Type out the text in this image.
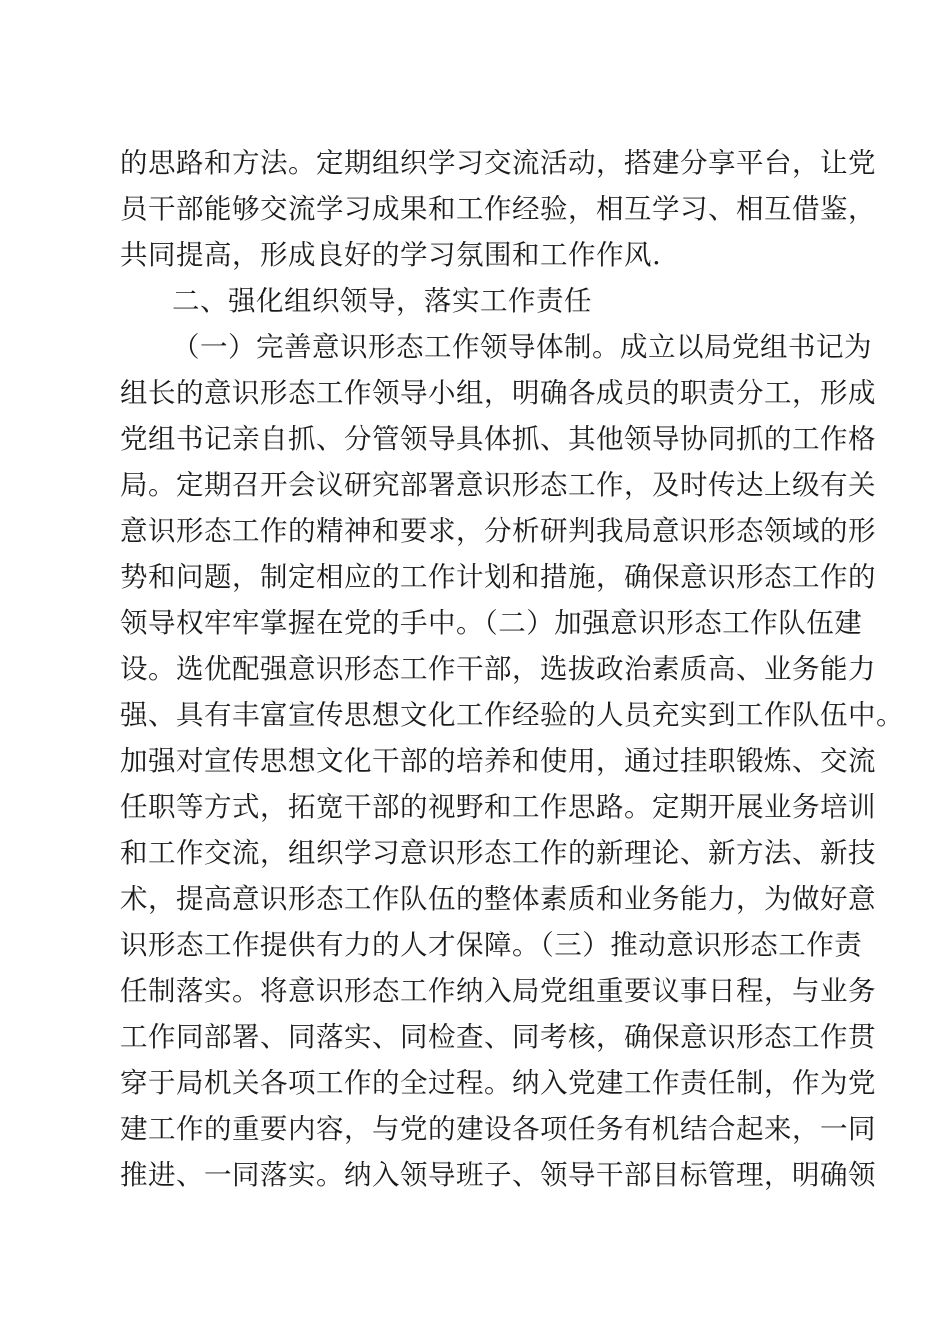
的思路和方法。定期组织学习交流活动，搭建分享平台，让党
员干部能够交流学习成果和工作经验，相互学习、相互借鉴，
共同提高，形成良好的学习氛围和工作作风.
二、强化组织领导，落实工作责任
（一）完善意识形态工作领导体制。成立以局党组书记为
组长的意识形态工作领导小组，明确各成员的职责分工，形成
党组书记亲自抓、分管领导具体抓、其他领导协同抓的工作格
局。定期召开会议研究部署意识形态工作，及时传达上级有关
意识形态工作的精神和要求，分析研判我局意识形态领域的形
势和问题，制定相应的工作计划和措施，确保意识形态工作的
领导权牢牢掌握在党的手中。（二）加强意识形态工作队伍建
设。选优配强意识形态工作干部，选拔政治素质高、业务能力
强、具有丰富宣传思想文化工作经验的人员充实到工作队伍中。
加强对宣传思想文化干部的培养和使用，通过挂职锻炼、交流
任职等方式，拓宽干部的视野和工作思路。定期开展业务培训
和工作交流，组织学习意识形态工作的新理论、新方法、新技
术，提高意识形态工作队伍的整体素质和业务能力，为做好意
识形态工作提供有力的人才保障。（三）推动意识形态工作责
任制落实。将意识形态工作纳入局党组重要议事日程，与业务
工作同部署、同落实、同检查、同考核，确保意识形态工作贯
穿于局机关各项工作的全过程。纳入党建工作责任制，作为党
建工作的重要内容，与党的建设各项任务有机结合起来，一同
推进、一同落实。纳入领导班子、领导干部目标管理，明确领
